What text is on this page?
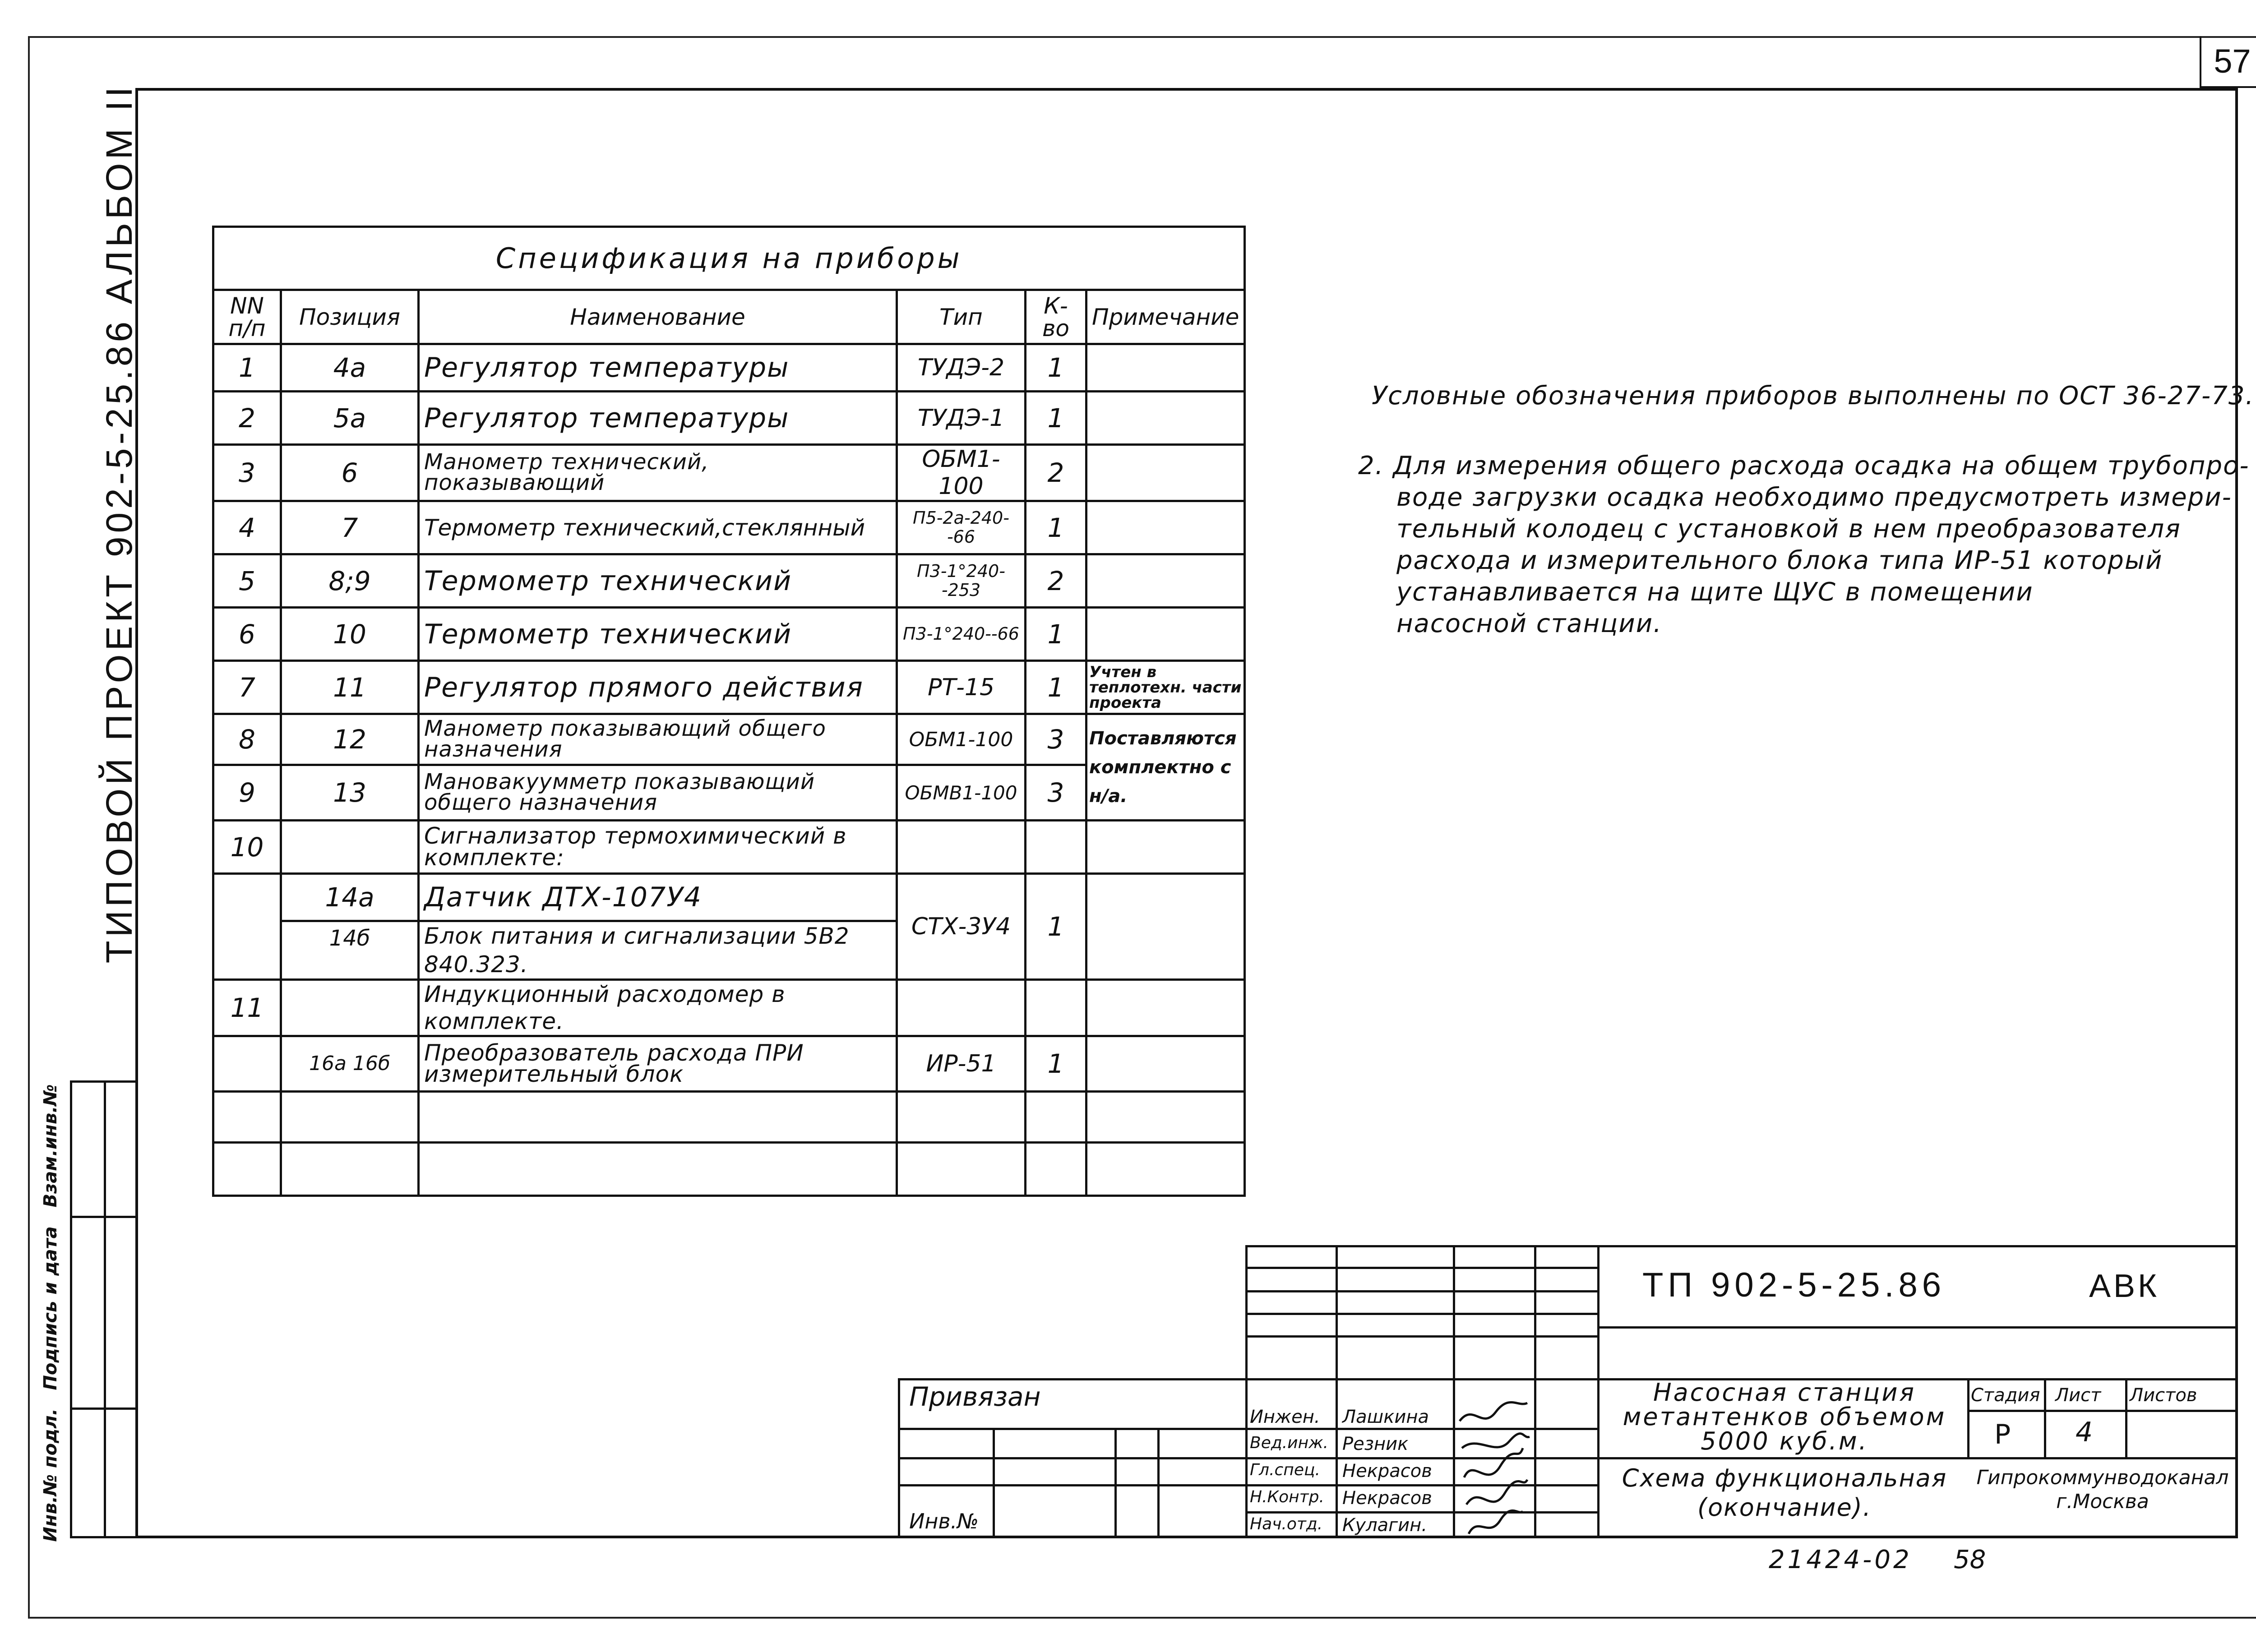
57
ТИПОВОЙ ПРОЕКТ 902-5-25.86 АЛЬБОМ II
Взам.инв.№
Подпись и дата
Инв.№ подл.
Спецификация на приборы					
NN п/п	Позиция	Наименование	Тип	К-во	Примечание
1	4а	Регулятор температуры	ТУДЭ-2	1	
2	5а	Регулятор температуры	ТУДЭ-1	1	
3	6	Манометр технический, показывающий	ОБМ1-100	2	
4	7	Термометр технический,стеклянный	П5-2а-240--66	1	
5	8;9	Термометр технический	П3-1°240--253	2	
6	10	Термометр технический	П3-1°240--66	1	
7	11	Регулятор прямого действия	РТ-15	1	Учтен в теплотехн. части проекта
8	12	Манометр показывающий общего назначения	ОБМ1-100	3	Поставляются комплектно с н/а.
9	13	Мановакуумметр показывающий общего назначения	ОБМВ1-100	3	
10		Сигнализатор термохимический в комплекте:			
	14а	Датчик ДТХ-107У4	СТХ-3У4	1	
	14б	Блок питания и сигнализации 5В2 840.323.			
11		Индукционный расходомер в комплекте.			
	16а 16б	Преобразователь расхода ПРИ измерительный блок	ИР-51	1	

Условные обозначения приборов выполнены по ОСТ 36-27-73.
2. Для измерения общего расхода осадка на общем трубопро-
воде загрузки осадка необходимо предусмотреть измери-
тельный колодец с установкой в нем преобразователя
расхода и измерительного блока типа ИР-51 который
устанавливается на щите ЩУС в помещении
насосной станции.
ТП 902-5-25.86	АВК
Привязан
Инв.№
Инжен. Лашкина
Вед.инж. Резник
Гл.спец. Некрасов
Н.Контр. Некрасов
Нач.отд. Кулагин.
Насосная станция метантенков объемом 5000 куб.м.
Схема функциональная (окончание).
Стадия Лист Листов
Р 4
Гипрокоммунводоканал г.Москва
21424-02 58
